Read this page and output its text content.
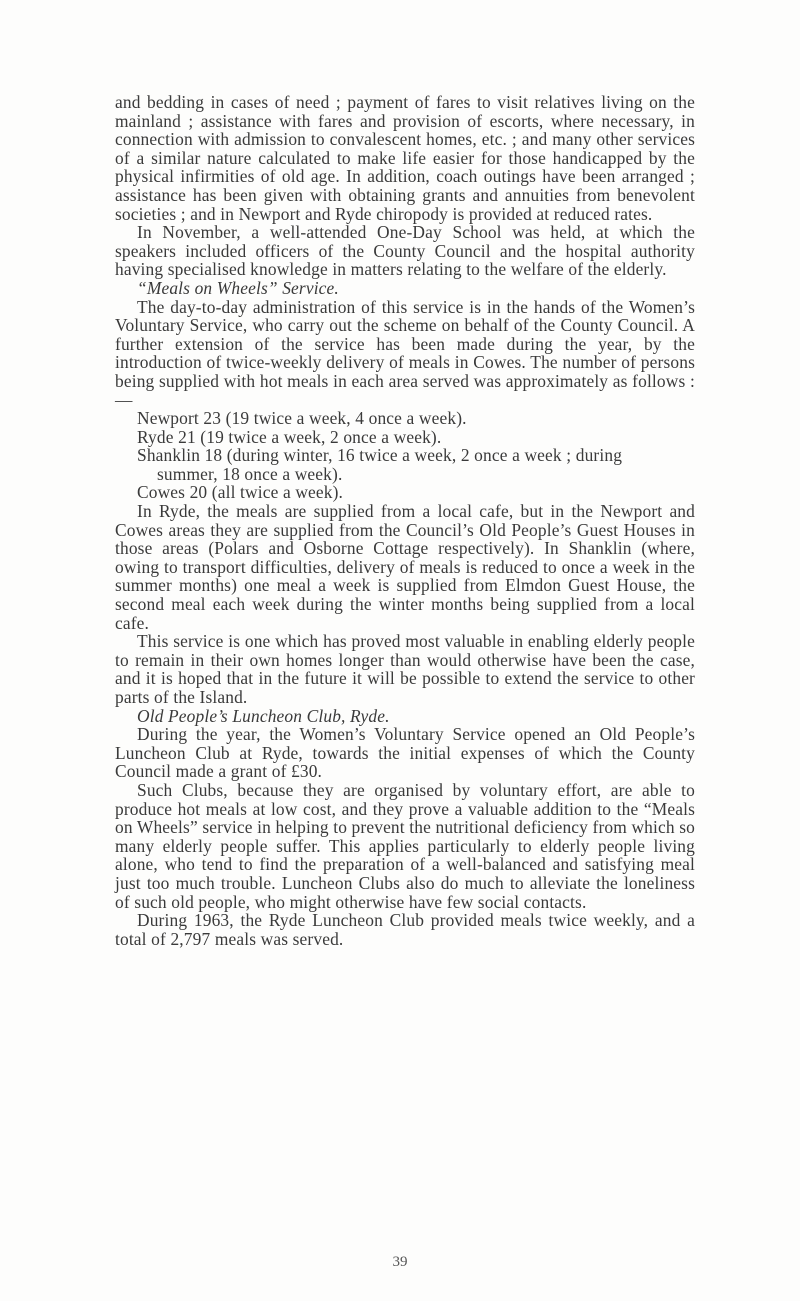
and bedding in cases of need ; payment of fares to visit relatives living on the mainland ; assistance with fares and provision of escorts, where necessary, in connection with admission to convalescent homes, etc. ; and many other services of a similar nature calculated to make life easier for those handicapped by the physical infirmities of old age. In addition, coach outings have been arranged ; assistance has been given with obtaining grants and annuities from benevolent societies ; and in Newport and Ryde chiropody is provided at reduced rates.

In November, a well-attended One-Day School was held, at which the speakers included officers of the County Council and the hospital authority having specialised knowledge in matters relating to the welfare of the elderly.

“Meals on Wheels” Service.

The day-to-day administration of this service is in the hands of the Women’s Voluntary Service, who carry out the scheme on behalf of the County Council. A further extension of the service has been made during the year, by the introduction of twice-weekly delivery of meals in Cowes. The number of persons being supplied with hot meals in each area served was approximately as follows :—

Newport 23 (19 twice a week, 4 once a week).
Ryde 21 (19 twice a week, 2 once a week).
Shanklin 18 (during winter, 16 twice a week, 2 once a week ; during
summer, 18 once a week).
Cowes 20 (all twice a week).

In Ryde, the meals are supplied from a local cafe, but in the Newport and Cowes areas they are supplied from the Council’s Old People’s Guest Houses in those areas (Polars and Osborne Cottage respectively). In Shanklin (where, owing to transport difficulties, delivery of meals is reduced to once a week in the summer months) one meal a week is supplied from Elmdon Guest House, the second meal each week during the winter months being supplied from a local cafe.

This service is one which has proved most valuable in enabling elderly people to remain in their own homes longer than would otherwise have been the case, and it is hoped that in the future it will be possible to extend the service to other parts of the Island.

Old People’s Luncheon Club, Ryde.

During the year, the Women’s Voluntary Service opened an Old People’s Luncheon Club at Ryde, towards the initial expenses of which the County Council made a grant of £30.

Such Clubs, because they are organised by voluntary effort, are able to produce hot meals at low cost, and they prove a valuable addition to the “Meals on Wheels” service in helping to prevent the nutritional deficiency from which so many elderly people suffer. This applies particularly to elderly people living alone, who tend to find the preparation of a well-balanced and satisfying meal just too much trouble. Luncheon Clubs also do much to alleviate the loneliness of such old people, who might otherwise have few social contacts.

During 1963, the Ryde Luncheon Club provided meals twice weekly, and a total of 2,797 meals was served.

39
